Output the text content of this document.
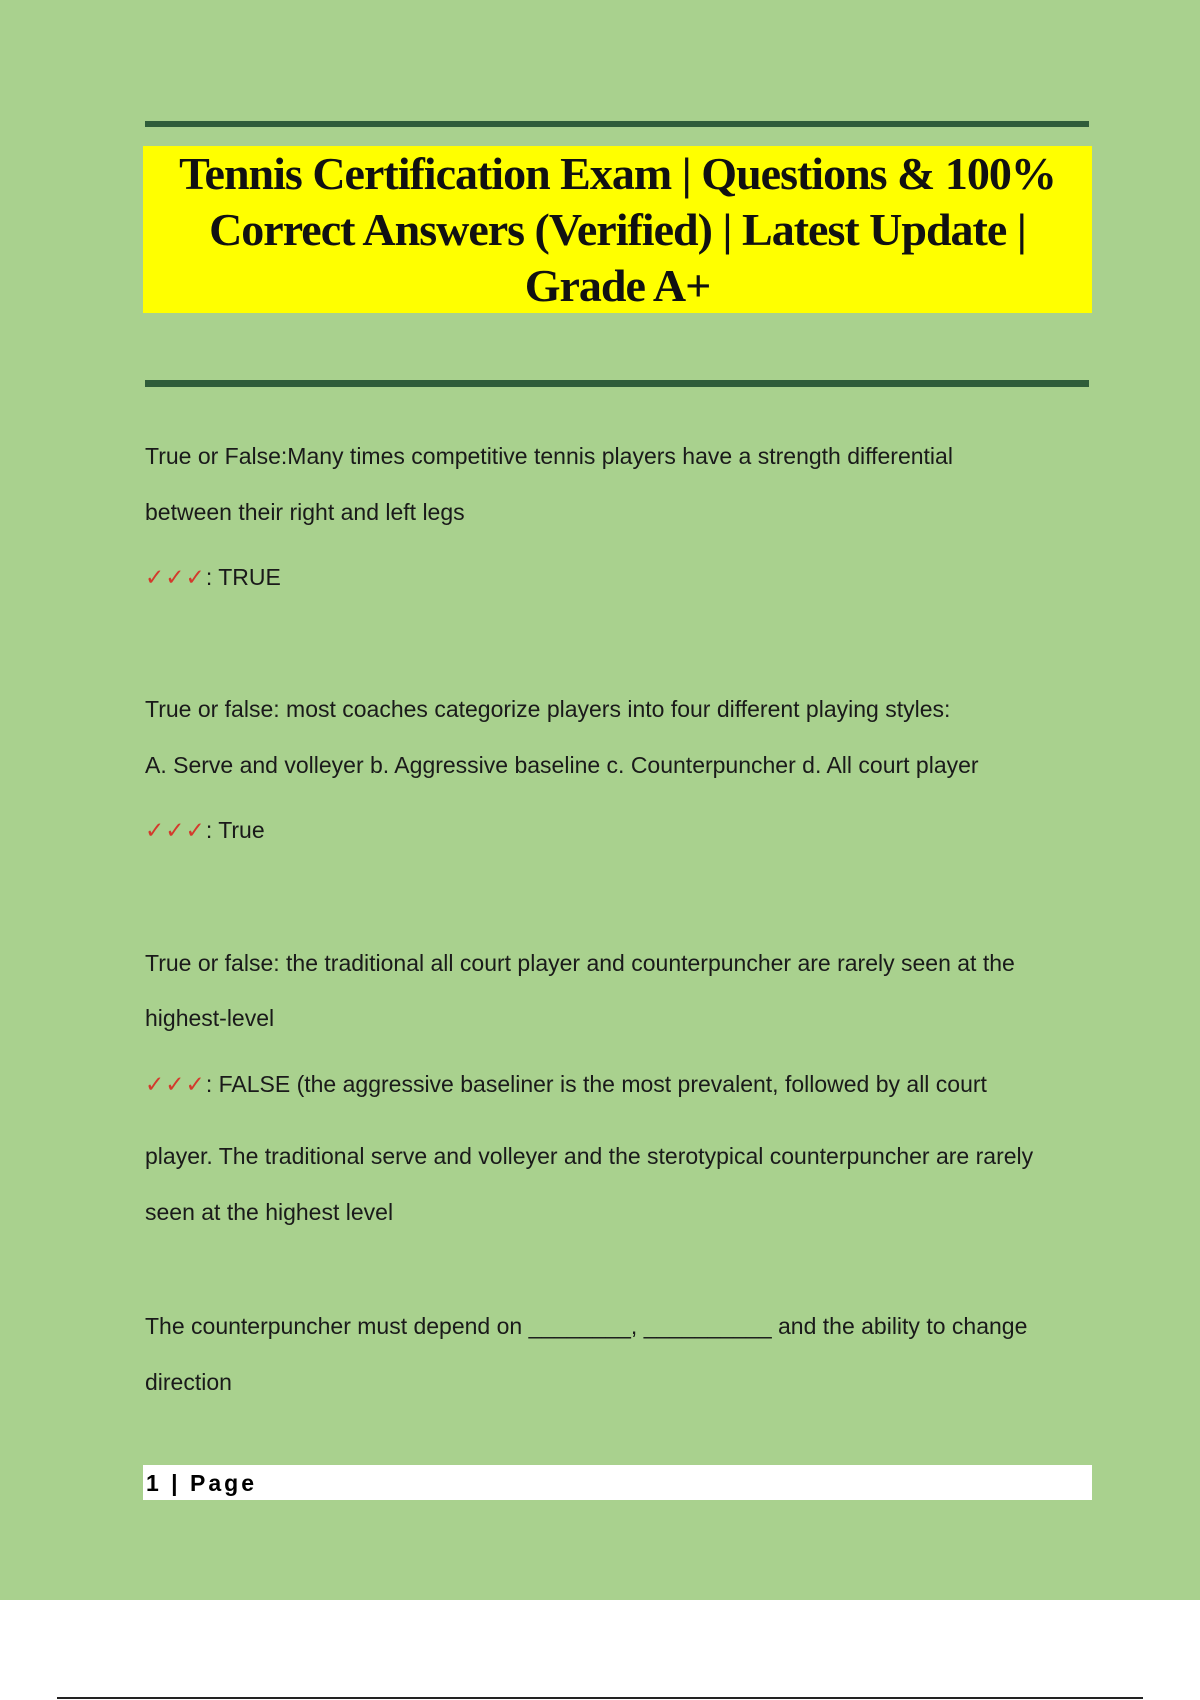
Tennis Certification Exam | Questions & 100% Correct Answers (Verified) | Latest Update | Grade A+
True or False:Many times competitive tennis players have a strength differential
between their right and left legs
✓✓✓: TRUE
True or false: most coaches categorize players into four different playing styles:
A. Serve and volleyer b. Aggressive baseline c. Counterpuncher d. All court player
✓✓✓: True
True or false: the traditional all court player and counterpuncher are rarely seen at the
highest-level
✓✓✓: FALSE (the aggressive baseliner is the most prevalent, followed by all court
player. The traditional serve and volleyer and the sterotypical counterpuncher are rarely
seen at the highest level
The counterpuncher must depend on ________, __________ and the ability to change
direction
1 | Page
